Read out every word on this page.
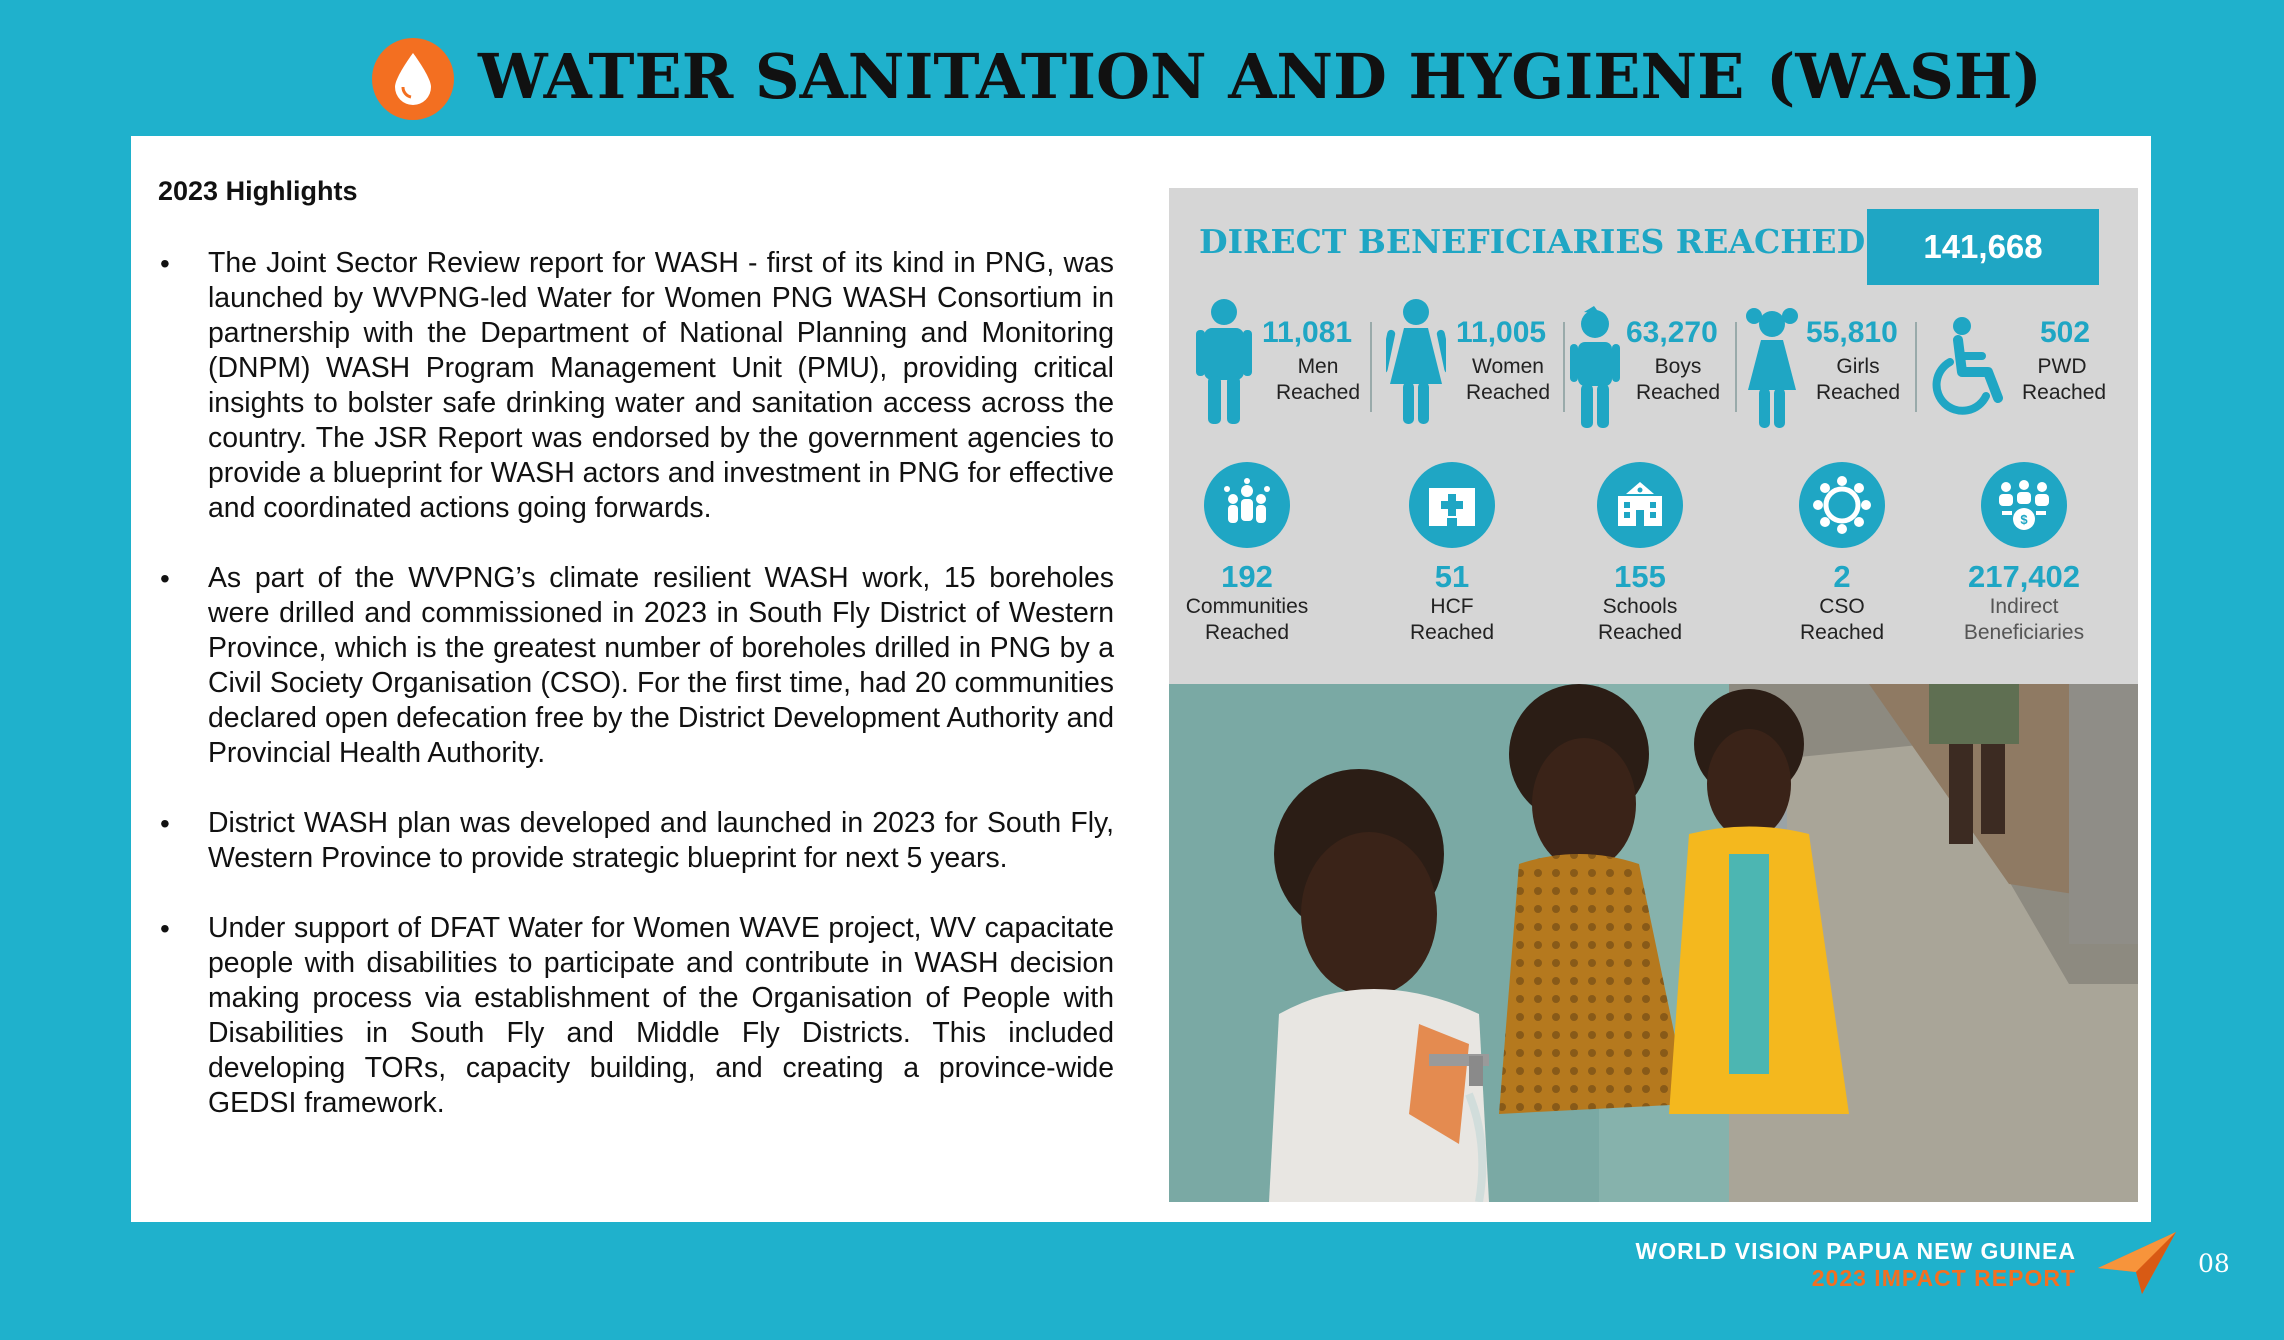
WATER SANITATION AND HYGIENE (WASH)
2023 Highlights
• The Joint Sector Review report for WASH - first of its kind in PNG, was launched by WVPNG-led Water for Women PNG WASH Consortium in partnership with the Department of National Planning and Monitoring (DNPM) WASH Program Management Unit (PMU), providing critical insights to bolster safe drinking water and sanitation access across the country. The JSR Report was endorsed by the government agencies to provide a blueprint for WASH actors and investment in PNG for effective and coordinated actions going forwards.
• As part of the WVPNG’s climate resilient WASH work, 15 boreholes were drilled and commissioned in 2023 in South Fly District of Western Province, which is the greatest number of boreholes drilled in PNG by a Civil Society Organisation (CSO). For the first time, had 20 communities declared open defecation free by the District Development Authority and Provincial Health Authority.
• District WASH plan was developed and launched in 2023 for South Fly, Western Province to provide strategic blueprint for next 5 years.
• Under support of DFAT Water for Women WAVE project, WV capacitate people with disabilities to participate and contribute in WASH decision making process via establishment of the Organisation of People with Disabilities in South Fly and Middle Fly Districts. This included developing TORs, capacity building, and creating a province-wide GEDSI framework.
DIRECT BENEFICIARIES REACHED	141,668
11,081
Men
Reached
11,005
Women
Reached
63,270
Boys
Reached
55,810
Girls
Reached
502
PWD
Reached
192
Communities
Reached
51
HCF
Reached
155
Schools
Reached
2
CSO
Reached
$
217,402
Indirect
Beneficiaries
WORLD VISION PAPUA NEW GUINEA
2023 IMPACT REPORT	08
